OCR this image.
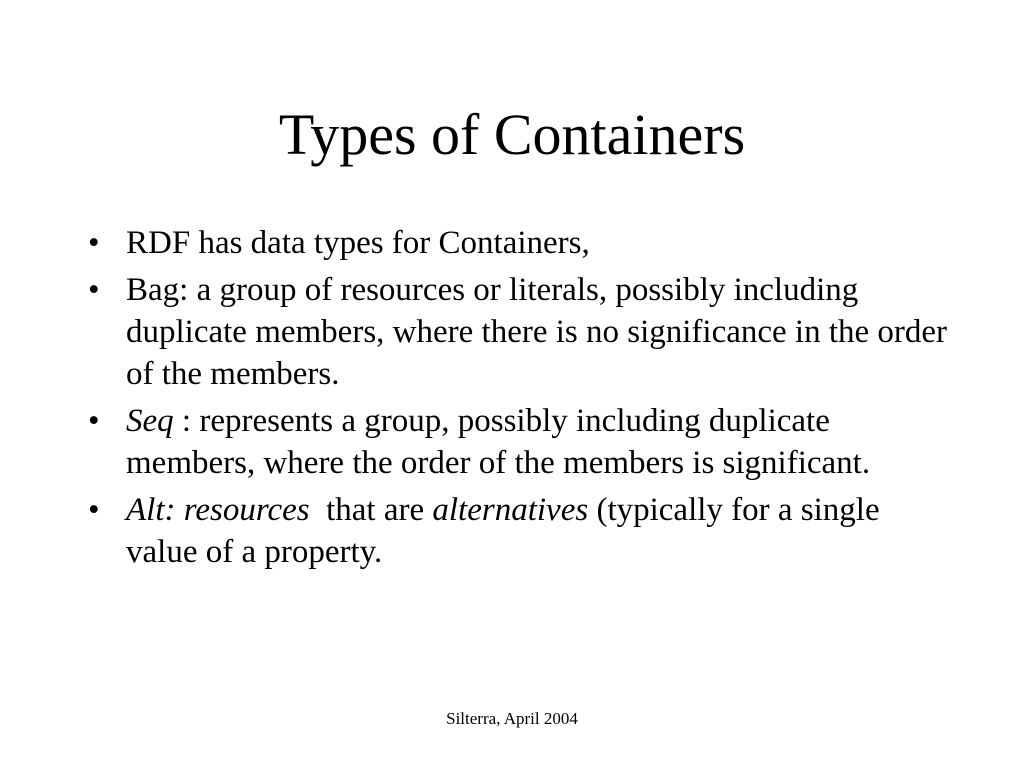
Types of Containers
• RDF has data types for Containers,
• Bag: a group of resources or literals, possibly including duplicate members, where there is no significance in the order of the members.
• Seq : represents a group, possibly including duplicate members, where the order of the members is significant.
• Alt: resources  that are alternatives (typically for a single value of a property.
Silterra, April 2004
